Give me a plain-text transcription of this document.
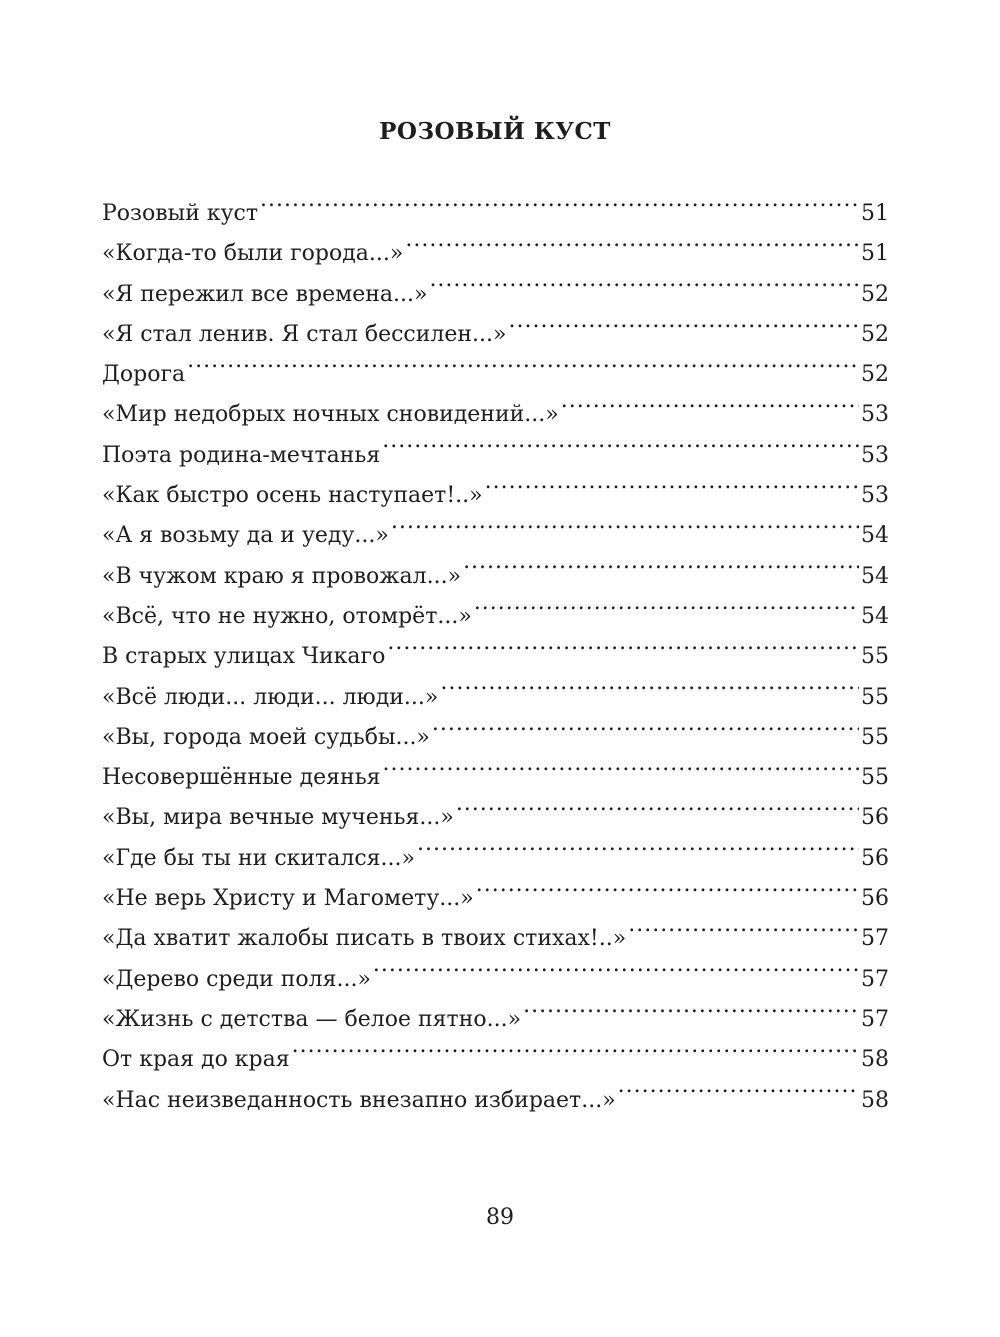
РОЗОВЫЙ КУСТ
Розовый куст .....	51
«Когда-то были города...» .....	51
«Я пережил все времена...» .....	52
«Я стал ленив. Я стал бессилен...» .....	52
Дорога .....	52
«Мир недобрых ночных сновидений...» .....	53
Поэта родина-мечтанья .....	53
«Как быстро осень наступает!..» .....	53
«А я возьму да и уеду...» .....	54
«В чужом краю я провожал...» .....	54
«Всё, что не нужно, отомрёт...» .....	54
В старых улицах Чикаго .....	55
«Всё люди... люди... люди...» .....	55
«Вы, города моей судьбы...» .....	55
Несовершённые деянья .....	55
«Вы, мира вечные мученья...» .....	56
«Где бы ты ни скитался...» .....	56
«Не верь Христу и Магомету...» .....	56
«Да хватит жалобы писать в твоих стихах!..» .....	57
«Дерево среди поля...» .....	57
«Жизнь с детства — белое пятно...» .....	57
От края до края .....	58
«Нас неизведанность внезапно избирает...» .....	58

89
